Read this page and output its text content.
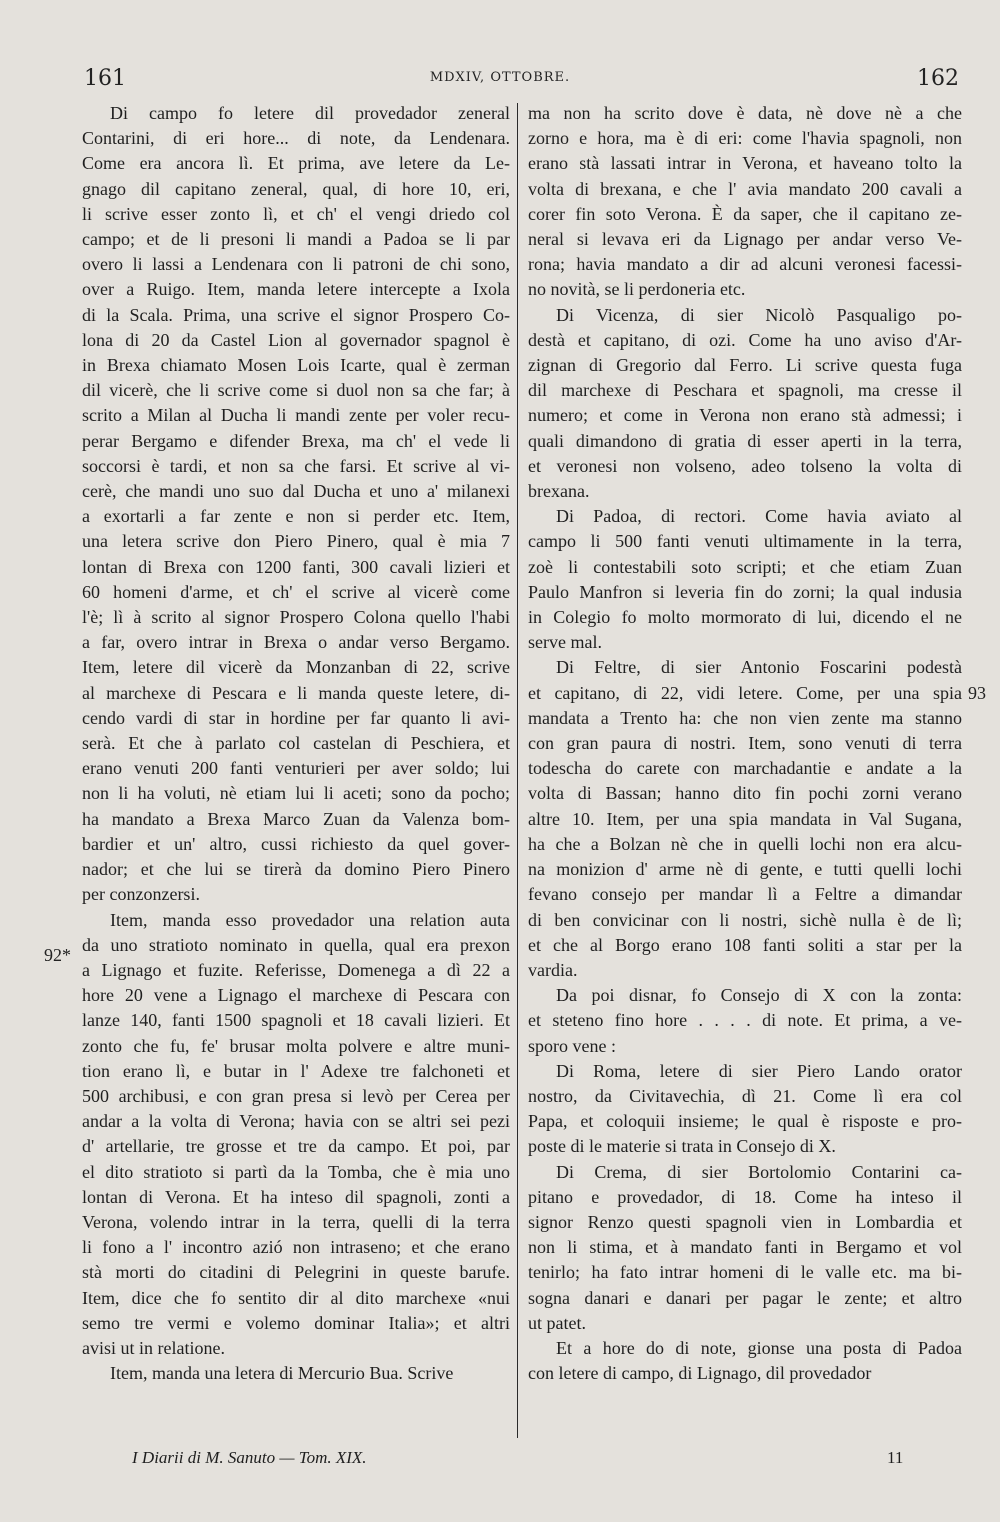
161	MDXIV, OTTOBRE.	162
Di campo fo letere dil provedador zeneral
Contarini, di eri hore... di note, da Lendenara.
Come era ancora lì. Et prima, ave letere da Le-
gnago dil capitano zeneral, qual, di hore 10, eri,
li scrive esser zonto lì, et ch' el vengi driedo col
campo; et de li presoni li mandi a Padoa se li par
overo li lassi a Lendenara con li patroni de chi sono,
over a Ruigo. Item, manda letere intercepte a Ixola
di la Scala. Prima, una scrive el signor Prospero Co-
lona di 20 da Castel Lion al governador spagnol è
in Brexa chiamato Mosen Lois Icarte, qual è zerman
dil vicerè, che li scrive come si duol non sa che far; à
scrito a Milan al Ducha li mandi zente per voler recu-
perar Bergamo e difender Brexa, ma ch' el vede li
soccorsi è tardi, et non sa che farsi. Et scrive al vi-
cerè, che mandi uno suo dal Ducha et uno a' milanexi
a exortarli a far zente e non si perder etc. Item,
una letera scrive don Piero Pinero, qual è mia 7
lontan di Brexa con 1200 fanti, 300 cavali lizieri et
60 homeni d'arme, et ch' el scrive al vicerè come
l'è; lì à scrito al signor Prospero Colona quello l'habi
a far, overo intrar in Brexa o andar verso Bergamo.
Item, letere dil vicerè da Monzanban di 22, scrive
al marchexe di Pescara e li manda queste letere, di-
cendo vardi di star in hordine per far quanto li avi-
serà. Et che à parlato col castelan di Peschiera, et
erano venuti 200 fanti venturieri per aver soldo; lui
non li ha voluti, nè etiam lui li aceti; sono da pocho;
ha mandato a Brexa Marco Zuan da Valenza bom-
bardier et un' altro, cussi richiesto da quel gover-
nador; et che lui se tirerà da domino Piero Pinero
per conzonzersi.
Item, manda esso provedador una relation auta
da uno stratioto nominato in quella, qual era prexon
a Lignago et fuzite. Referisse, Domenega a dì 22 a
hore 20 vene a Lignago el marchexe di Pescara con
lanze 140, fanti 1500 spagnoli et 18 cavali lizieri. Et
zonto che fu, fe' brusar molta polvere e altre muni-
tion erano lì, e butar in l' Adexe tre falchoneti et
500 archibusi, e con gran presa si levò per Cerea per
andar a la volta di Verona; havia con se altri sei pezi
d' artellarie, tre grosse et tre da campo. Et poi, par
el dito stratioto si partì da la Tomba, che è mia uno
lontan di Verona. Et ha inteso dil spagnoli, zonti a
Verona, volendo intrar in la terra, quelli di la terra
li fono a l' incontro azió non intraseno; et che erano
stà morti do citadini di Pelegrini in queste barufe.
Item, dice che fo sentito dir al dito marchexe «nui
semo tre vermi e volemo dominar Italia»; et altri
avisi ut in relatione.
Item, manda una letera di Mercurio Bua. Scrive
ma non ha scrito dove è data, nè dove nè a che
zorno e hora, ma è di eri: come l'havia spagnoli, non
erano stà lassati intrar in Verona, et haveano tolto la
volta di brexana, e che l' avia mandato 200 cavali a
corer fin soto Verona. È da saper, che il capitano ze-
neral si levava eri da Lignago per andar verso Ve-
rona; havia mandato a dir ad alcuni veronesi facessi-
no novità, se li perdoneria etc.
Di Vicenza, di sier Nicolò Pasqualigo po-
destà et capitano, di ozi. Come ha uno aviso d'Ar-
zignan di Gregorio dal Ferro. Li scrive questa fuga
dil marchexe di Peschara et spagnoli, ma cresse il
numero; et come in Verona non erano stà admessi; i
quali dimandono di gratia di esser aperti in la terra,
et veronesi non volseno, adeo tolseno la volta di
brexana.
Di Padoa, di rectori. Come havia aviato al
campo li 500 fanti venuti ultimamente in la terra,
zoè li contestabili soto scripti; et che etiam Zuan
Paulo Manfron si leveria fin do zorni; la qual indusia
in Colegio fo molto mormorato di lui, dicendo el ne
serve mal.
Di Feltre, di sier Antonio Foscarini podestà
et capitano, di 22, vidi letere. Come, per una spia
mandata a Trento ha: che non vien zente ma stanno
con gran paura di nostri. Item, sono venuti di terra
todescha do carete con marchadantie e andate a la
volta di Bassan; hanno dito fin pochi zorni verano
altre 10. Item, per una spia mandata in Val Sugana,
ha che a Bolzan nè che in quelli lochi non era alcu-
na monizion d' arme nè di gente, e tutti quelli lochi
fevano consejo per mandar lì a Feltre a dimandar
di ben convicinar con li nostri, sichè nulla è de lì;
et che al Borgo erano 108 fanti soliti a star per la
vardia.
Da poi disnar, fo Consejo di X con la zonta:
et steteno fino hore . . . . di note. Et prima, a ve-
sporo vene :
Di Roma, letere di sier Piero Lando orator
nostro, da Civitavechia, dì 21. Come lì era col
Papa, et coloquii insieme; le qual è risposte e pro-
poste di le materie si trata in Consejo di X.
Di Crema, di sier Bortolomio Contarini ca-
pitano e provedador, di 18. Come ha inteso il
signor Renzo questi spagnoli vien in Lombardia et
non li stima, et à mandato fanti in Bergamo et vol
tenirlo; ha fato intrar homeni di le valle etc. ma bi-
sogna danari e danari per pagar le zente; et altro
ut patet.
Et a hore do di note, gionse una posta di Padoa
con letere di campo, di Lignago, dil provedador
92*
93
I Diarii di M. Sanuto — Tom. XIX.	11
